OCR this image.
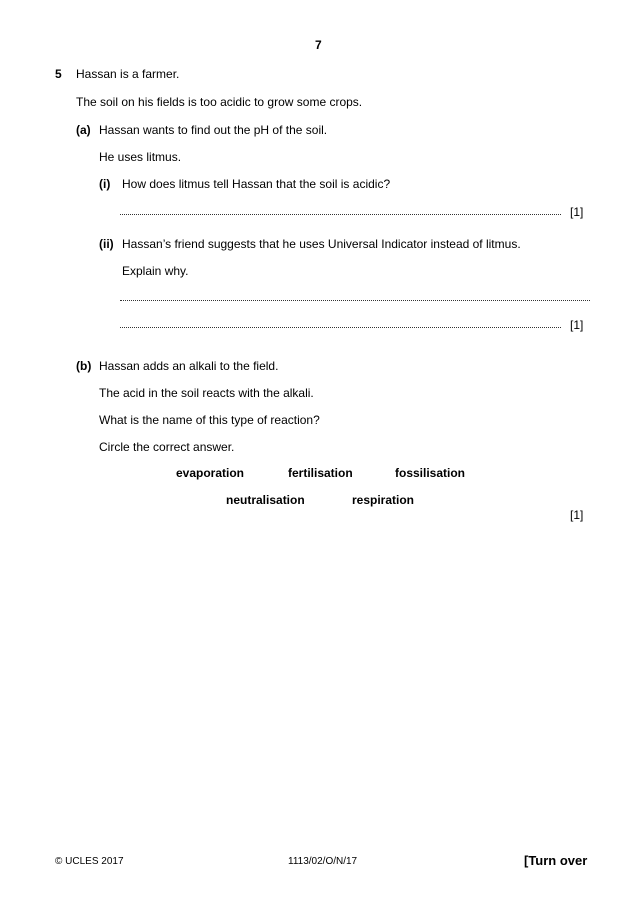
7
5 Hassan is a farmer.
The soil on his fields is too acidic to grow some crops.
(a) Hassan wants to find out the pH of the soil.
He uses litmus.
(i) How does litmus tell Hassan that the soil is acidic?
[1]
(ii) Hassan’s friend suggests that he uses Universal Indicator instead of litmus.
Explain why.
[1]
(b) Hassan adds an alkali to the field.
The acid in the soil reacts with the alkali.
What is the name of this type of reaction?
Circle the correct answer.
evaporation	fertilisation	fossilisation
neutralisation	respiration
[1]
© UCLES 2017	1113/02/O/N/17	[Turn over
